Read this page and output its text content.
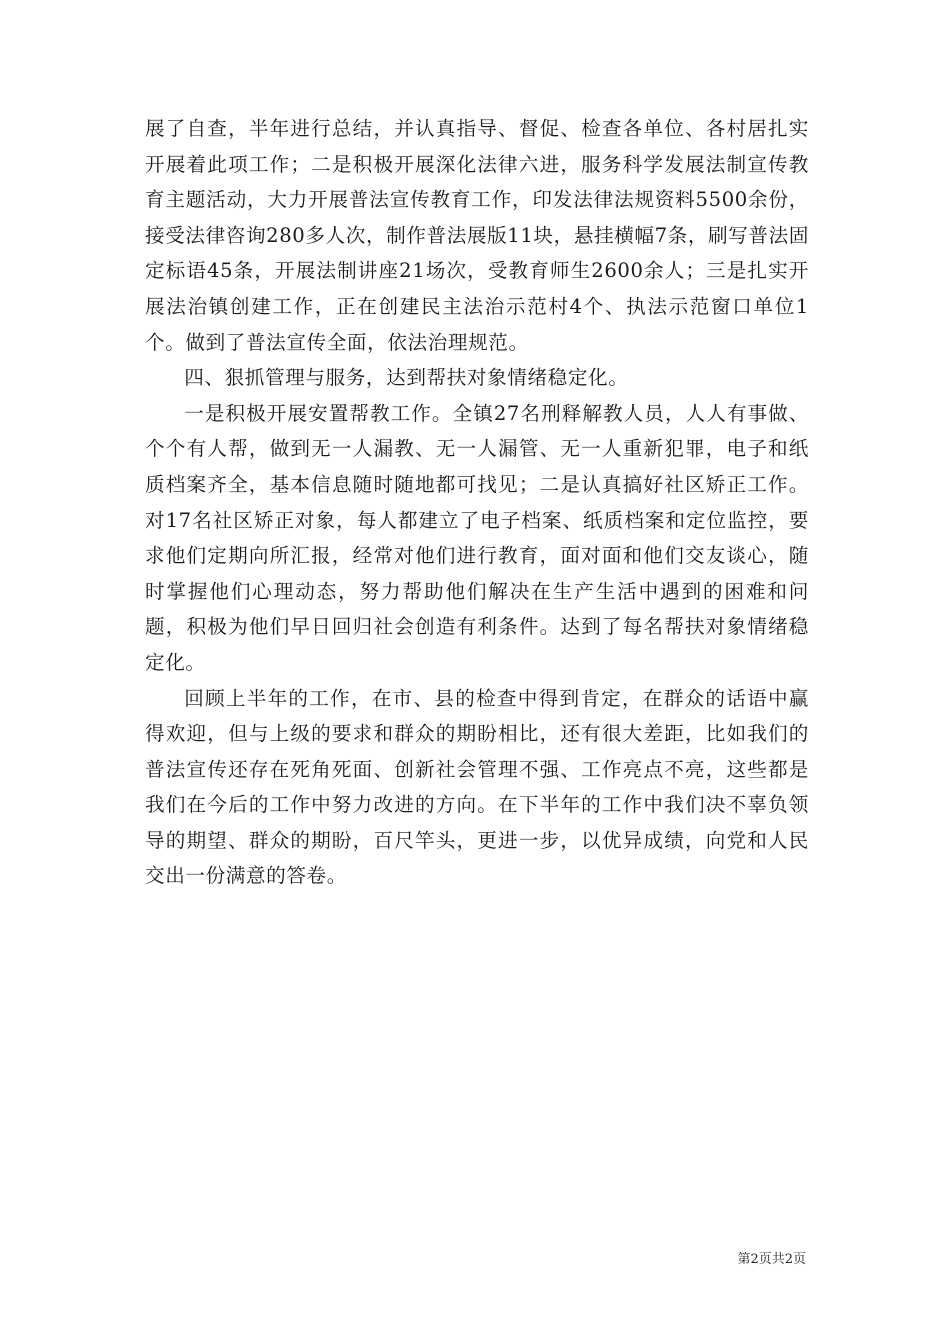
展了自查，半年进行总结，并认真指导、督促、检查各单位、各村居扎实开展着此项工作；二是积极开展深化法律六进，服务科学发展法制宣传教育主题活动，大力开展普法宣传教育工作，印发法律法规资料5500余份，接受法律咨询280多人次，制作普法展版11块，悬挂横幅7条，刷写普法固定标语45条，开展法制讲座21场次，受教育师生2600余人；三是扎实开展法治镇创建工作，正在创建民主法治示范村4个、执法示范窗口单位1个。做到了普法宣传全面，依法治理规范。

四、狠抓管理与服务，达到帮扶对象情绪稳定化。

一是积极开展安置帮教工作。全镇27名刑释解教人员，人人有事做、个个有人帮，做到无一人漏教、无一人漏管、无一人重新犯罪，电子和纸质档案齐全，基本信息随时随地都可找见；二是认真搞好社区矫正工作。对17名社区矫正对象，每人都建立了电子档案、纸质档案和定位监控，要求他们定期向所汇报，经常对他们进行教育，面对面和他们交友谈心，随时掌握他们心理动态，努力帮助他们解决在生产生活中遇到的困难和问题，积极为他们早日回归社会创造有利条件。达到了每名帮扶对象情绪稳定化。

回顾上半年的工作，在市、县的检查中得到肯定，在群众的话语中赢得欢迎，但与上级的要求和群众的期盼相比，还有很大差距，比如我们的普法宣传还存在死角死面、创新社会管理不强、工作亮点不亮，这些都是我们在今后的工作中努力改进的方向。在下半年的工作中我们决不辜负领导的期望、群众的期盼，百尺竿头，更进一步，以优异成绩，向党和人民交出一份满意的答卷。

第2页共2页
